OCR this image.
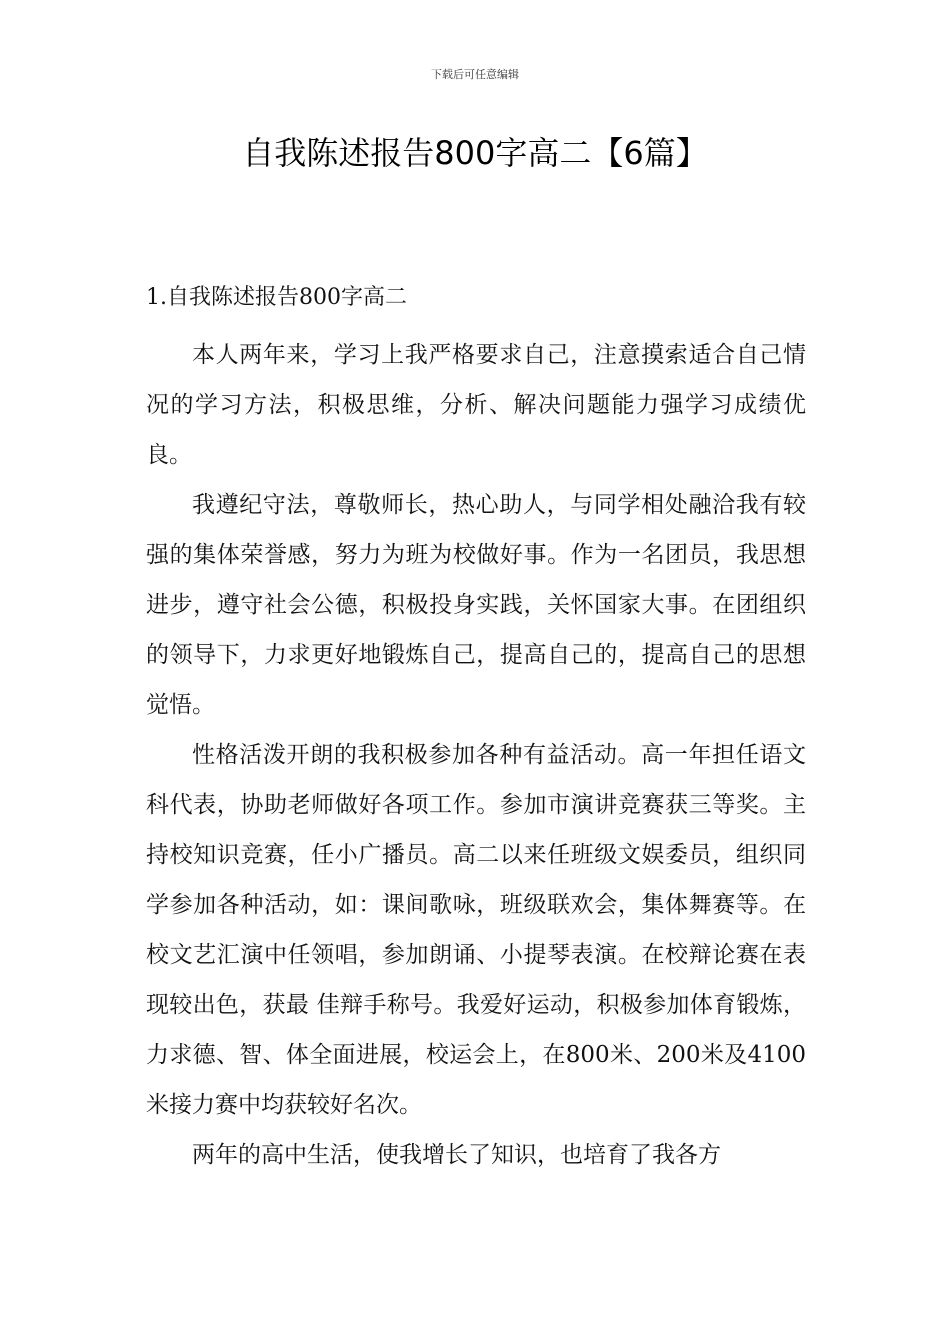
下载后可任意编辑
自我陈述报告800字高二【6篇】
1.自我陈述报告800字高二

本人两年来，学习上我严格要求自己，注意摸索适合自己情况的学习方法，积极思维，分析、解决问题能力强学习成绩优良。

我遵纪守法，尊敬师长，热心助人，与同学相处融洽我有较强的集体荣誉感，努力为班为校做好事。作为一名团员，我思想进步，遵守社会公德，积极投身实践，关怀国家大事。在团组织的领导下，力求更好地锻炼自己，提高自己的，提高自己的思想觉悟。

性格活泼开朗的我积极参加各种有益活动。高一年担任语文科代表，协助老师做好各项工作。参加市演讲竞赛获三等奖。主持校知识竞赛，任小广播员。高二以来任班级文娱委员，组织同学参加各种活动，如：课间歌咏，班级联欢会，集体舞赛等。在校文艺汇演中任领唱，参加朗诵、小提琴表演。在校辩论赛在表现较出色，获最 佳辩手称号。我爱好运动，积极参加体育锻炼，力求德、智、体全面进展，校运会上，在800米、200米及4100米接力赛中均获较好名次。

两年的高中生活，使我增长了知识，也培育了我各方
